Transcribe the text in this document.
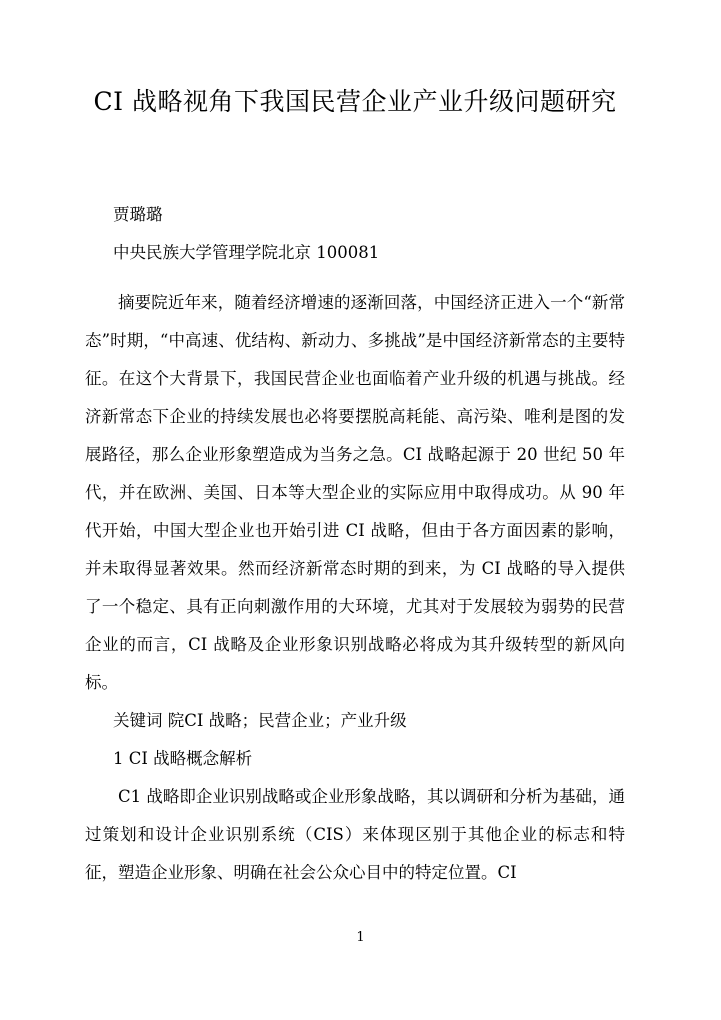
CI 战略视角下我国民营企业产业升级问题研究
贾璐璐
中央民族大学管理学院北京 100081

摘要院近年来，随着经济增速的逐渐回落，中国经济正进入一个“新常态”时期，“中高速、优结构、新动力、多挑战”是中国经济新常态的主要特征。在这个大背景下，我国民营企业也面临着产业升级的机遇与挑战。经济新常态下企业的持续发展也必将要摆脱高耗能、高污染、唯利是图的发展路径，那么企业形象塑造成为当务之急。CI 战略起源于 20 世纪 50 年代，并在欧洲、美国、日本等大型企业的实际应用中取得成功。从 90 年代开始，中国大型企业也开始引进 CI 战略，但由于各方面因素的影响，并未取得显著效果。然而经济新常态时期的到来，为 CI 战略的导入提供了一个稳定、具有正向刺激作用的大环境，尤其对于发展较为弱势的民营企业的而言，CI 战略及企业形象识别战略必将成为其升级转型的新风向标。

关键词 院CI 战略；民营企业；产业升级
1 CI 战略概念解析

C1 战略即企业识别战略或企业形象战略，其以调研和分析为基础，通过策划和设计企业识别系统（CIS）来体现区别于其他企业的标志和特征，塑造企业形象、明确在社会公众心目中的特定位置。CI

1
